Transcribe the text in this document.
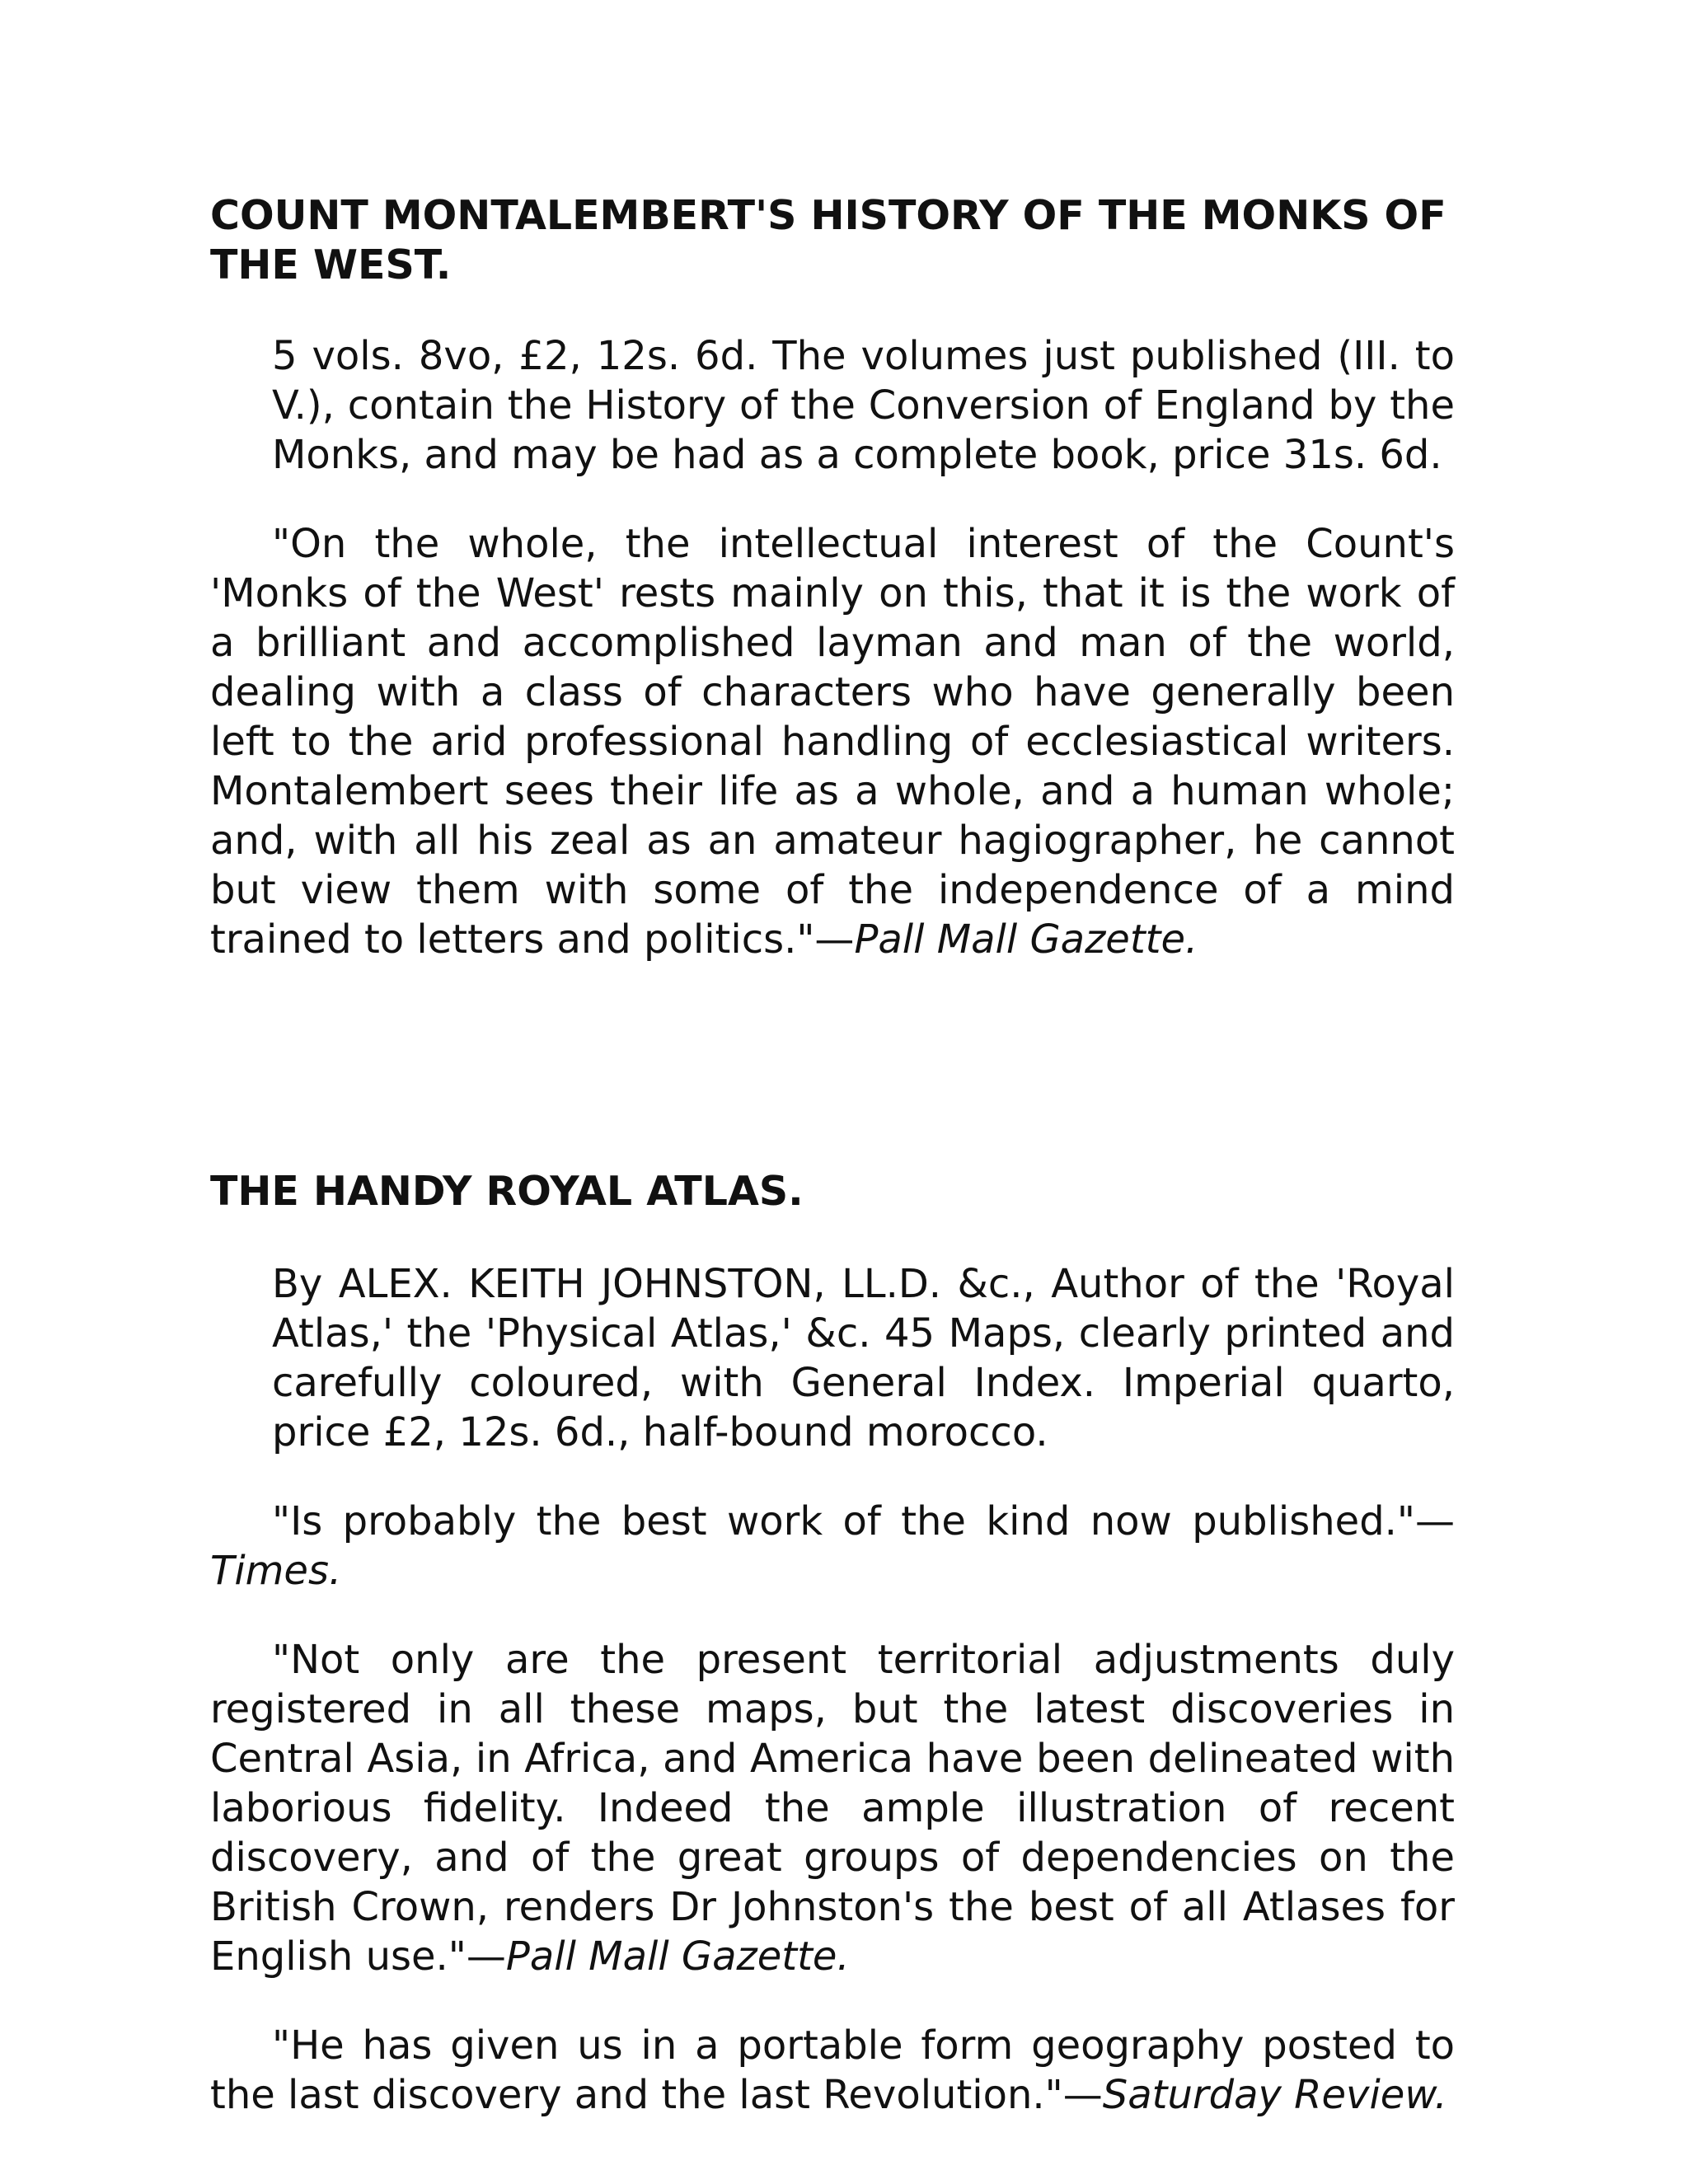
COUNT MONTALEMBERT'S HISTORY OF THE MONKS OF THE WEST.

5 vols. 8vo, £2, 12s. 6d. The volumes just published (III. to V.), contain the History of the Conversion of England by the Monks, and may be had as a complete book, price 31s. 6d.

"On the whole, the intellectual interest of the Count's 'Monks of the West' rests mainly on this, that it is the work of a brilliant and accomplished layman and man of the world, dealing with a class of characters who have generally been left to the arid professional handling of ecclesiastical writers. Montalembert sees their life as a whole, and a human whole; and, with all his zeal as an amateur hagiographer, he cannot but view them with some of the independence of a mind trained to letters and politics."—Pall Mall Gazette.

THE HANDY ROYAL ATLAS.

By ALEX. KEITH JOHNSTON, LL.D. &c., Author of the 'Royal Atlas,' the 'Physical Atlas,' &c. 45 Maps, clearly printed and carefully coloured, with General Index. Imperial quarto, price £2, 12s. 6d., half-bound morocco.

"Is probably the best work of the kind now published."—Times.

"Not only are the present territorial adjustments duly registered in all these maps, but the latest discoveries in Central Asia, in Africa, and America have been delineated with laborious fidelity. Indeed the ample illustration of recent discovery, and of the great groups of dependencies on the British Crown, renders Dr Johnston's the best of all Atlases for English use."—Pall Mall Gazette.

"He has given us in a portable form geography posted to the last discovery and the last Revolution."—Saturday Review.
